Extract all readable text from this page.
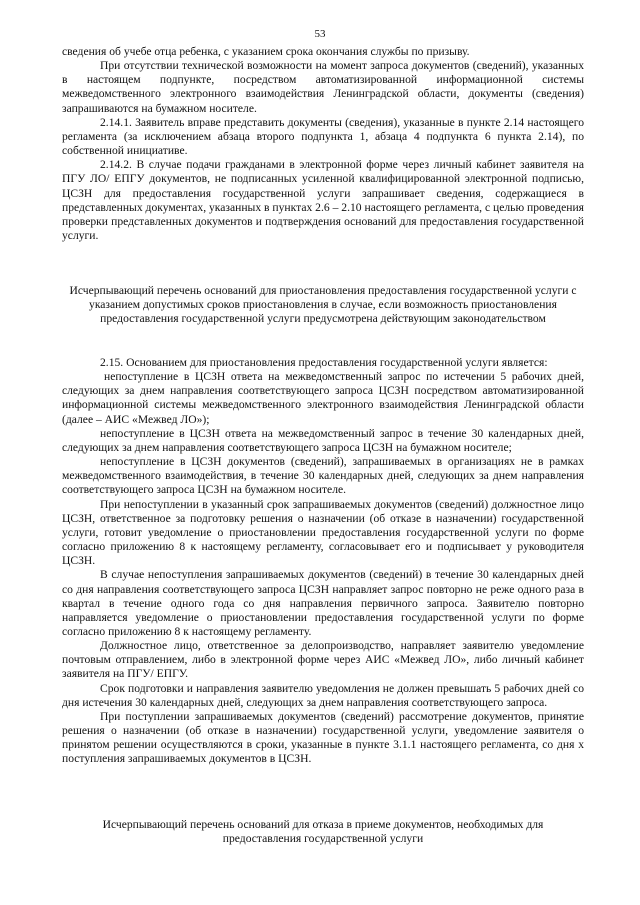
53

сведения об учебе отца ребенка, с указанием срока окончания службы по призыву.

При отсутствии технической возможности на момент запроса документов (сведений), указанных в настоящем подпункте, посредством автоматизированной информационной системы межведомственного электронного взаимодействия Ленинградской области, документы (сведения) запрашиваются на бумажном носителе.

2.14.1. Заявитель вправе представить документы (сведения), указанные в пункте 2.14 настоящего регламента (за исключением абзаца второго подпункта 1, абзаца 4 подпункта 6 пункта 2.14), по собственной инициативе.

2.14.2. В случае подачи гражданами в электронной форме через личный кабинет заявителя на ПГУ ЛО/ ЕПГУ документов, не подписанных усиленной квалифицированной электронной подписью, ЦСЗН для предоставления государственной услуги запрашивает сведения, содержащиеся в представленных документах, указанных в пунктах 2.6 – 2.10 настоящего регламента, с целью проведения проверки представленных документов и подтверждения оснований для предоставления государственной услуги.

Исчерпывающий перечень оснований для приостановления предоставления государственной услуги с указанием допустимых сроков приостановления в случае, если возможность приостановления предоставления государственной услуги предусмотрена действующим законодательством

2.15. Основанием для приостановления предоставления государственной услуги является:

непоступление в ЦСЗН ответа на межведомственный запрос по истечении 5 рабочих дней, следующих за днем направления соответствующего запроса ЦСЗН посредством автоматизированной информационной системы межведомственного электронного взаимодействия Ленинградской области (далее – АИС «Межвед ЛО»);

непоступление в ЦСЗН ответа на межведомственный запрос в течение 30 календарных дней, следующих за днем направления соответствующего запроса ЦСЗН на бумажном носителе;

непоступление в ЦСЗН документов (сведений), запрашиваемых в организациях не в рамках межведомственного взаимодействия, в течение 30 календарных дней, следующих за днем направления соответствующего запроса ЦСЗН на бумажном носителе.

При непоступлении в указанный срок запрашиваемых документов (сведений) должностное лицо ЦСЗН, ответственное за подготовку решения о назначении (об отказе в назначении) государственной услуги, готовит уведомление о приостановлении предоставления государственной услуги по форме согласно приложению 8 к настоящему регламенту, согласовывает его и подписывает у руководителя ЦСЗН.

В случае непоступления запрашиваемых документов (сведений) в течение 30 календарных дней со дня направления соответствующего запроса ЦСЗН направляет запрос повторно не реже одного раза в квартал в течение одного года со дня направления первичного запроса. Заявителю повторно направляется уведомление о приостановлении предоставления государственной услуги по форме согласно приложению 8 к настоящему регламенту.

Должностное лицо, ответственное за делопроизводство, направляет заявителю уведомление почтовым отправлением, либо в электронной форме через АИС «Межвед ЛО», либо личный кабинет заявителя на ПГУ/ ЕПГУ.

Срок подготовки и направления заявителю уведомления не должен превышать 5 рабочих дней со дня истечения 30 календарных дней, следующих за днем направления соответствующего запроса.

При поступлении запрашиваемых документов (сведений) рассмотрение документов, принятие решения о назначении (об отказе в назначении) государственной услуги, уведомление заявителя о принятом решении осуществляются в сроки, указанные в пункте 3.1.1 настоящего регламента, со дня х поступления запрашиваемых документов в ЦСЗН.

Исчерпывающий перечень оснований для отказа в приеме документов, необходимых для предоставления государственной услуги
